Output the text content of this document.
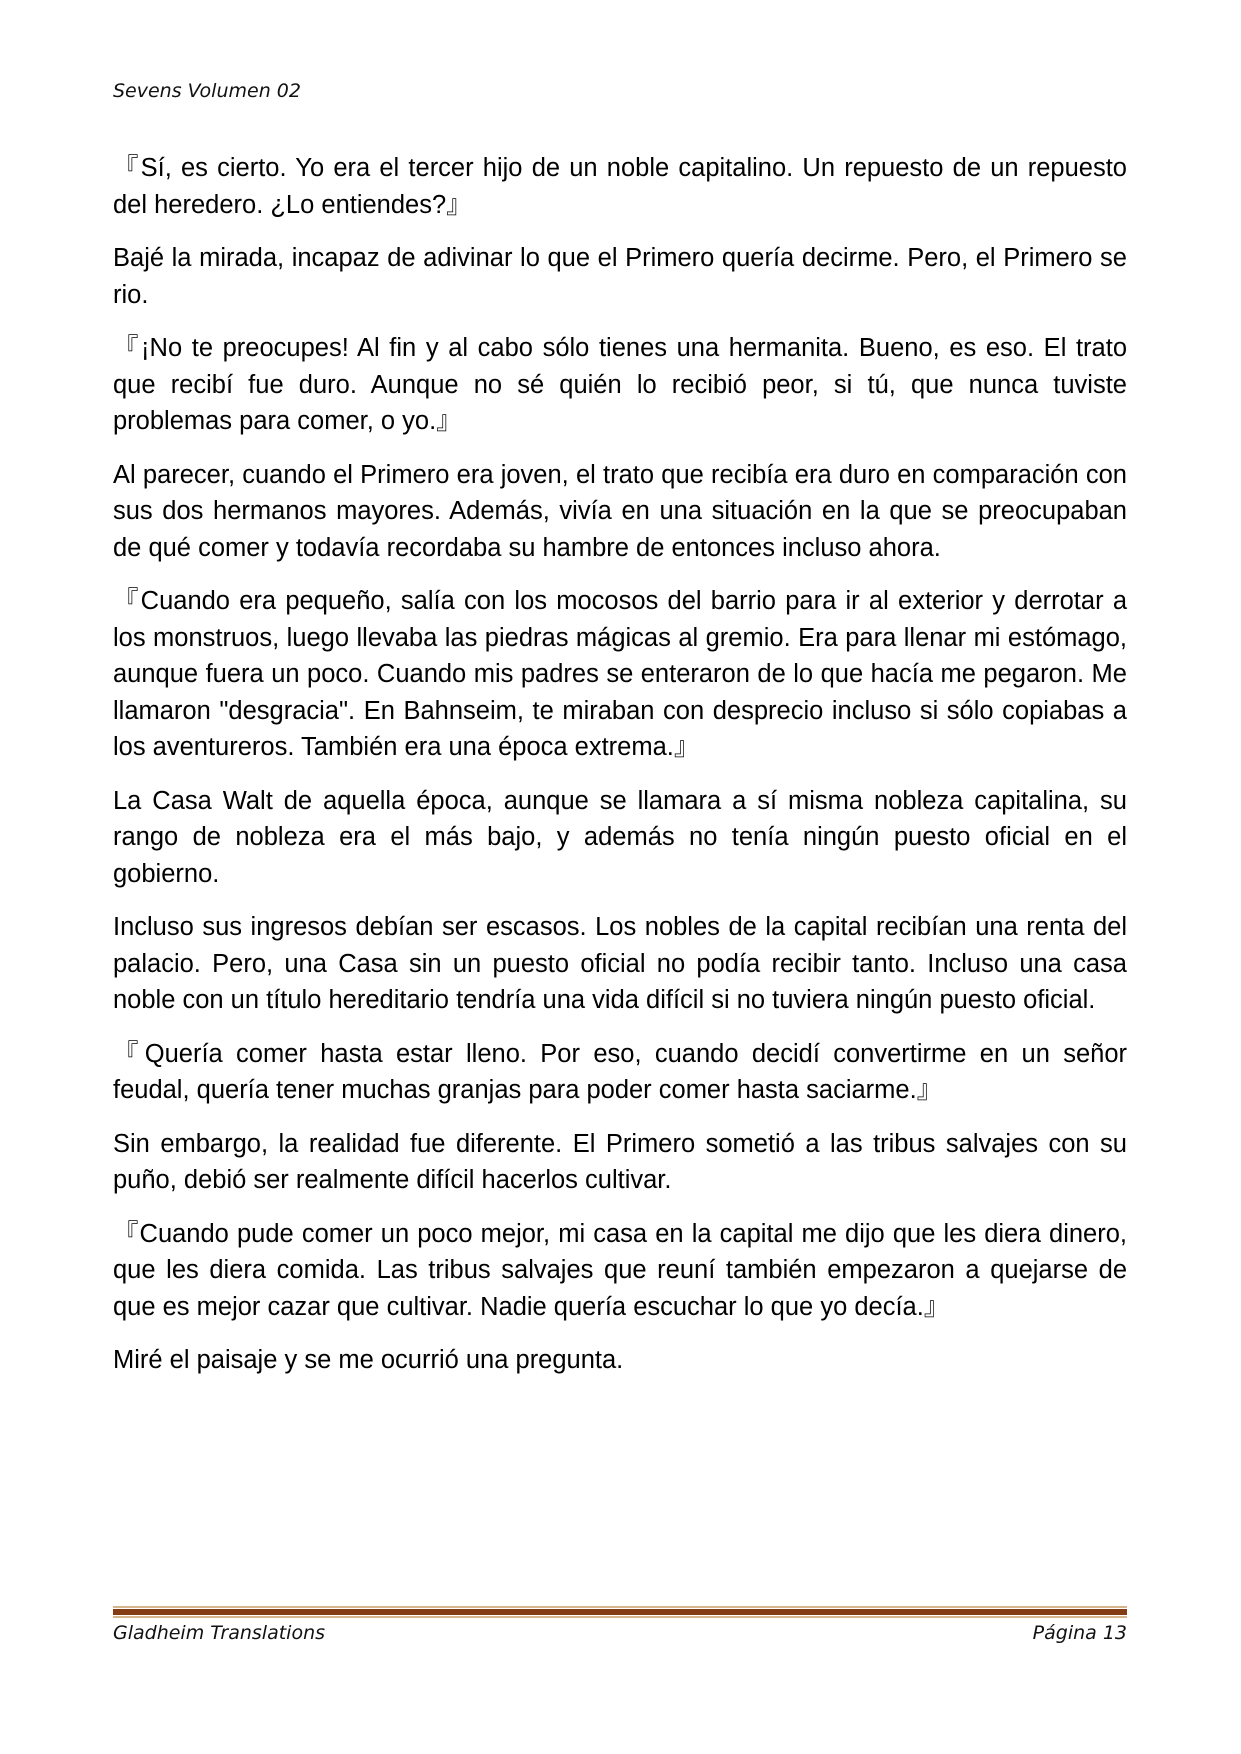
Sevens Volumen 02

『Sí, es cierto. Yo era el tercer hijo de un noble capitalino. Un repuesto de un repuesto del heredero. ¿Lo entiendes?』

Bajé la mirada, incapaz de adivinar lo que el Primero quería decirme. Pero, el Primero se rio.

『¡No te preocupes! Al fin y al cabo sólo tienes una hermanita. Bueno, es eso. El trato que recibí fue duro. Aunque no sé quién lo recibió peor, si tú, que nunca tuviste problemas para comer, o yo.』

Al parecer, cuando el Primero era joven, el trato que recibía era duro en comparación con sus dos hermanos mayores. Además, vivía en una situación en la que se preocupaban de qué comer y todavía recordaba su hambre de entonces incluso ahora.

『Cuando era pequeño, salía con los mocosos del barrio para ir al exterior y derrotar a los monstruos, luego llevaba las piedras mágicas al gremio. Era para llenar mi estómago, aunque fuera un poco. Cuando mis padres se enteraron de lo que hacía me pegaron. Me llamaron "desgracia". En Bahnseim, te miraban con desprecio incluso si sólo copiabas a los aventureros. También era una época extrema.』

La Casa Walt de aquella época, aunque se llamara a sí misma nobleza capitalina, su rango de nobleza era el más bajo, y además no tenía ningún puesto oficial en el gobierno.

Incluso sus ingresos debían ser escasos. Los nobles de la capital recibían una renta del palacio. Pero, una Casa sin un puesto oficial no podía recibir tanto. Incluso una casa noble con un título hereditario tendría una vida difícil si no tuviera ningún puesto oficial.

『Quería comer hasta estar lleno. Por eso, cuando decidí convertirme en un señor feudal, quería tener muchas granjas para poder comer hasta saciarme.』

Sin embargo, la realidad fue diferente. El Primero sometió a las tribus salvajes con su puño, debió ser realmente difícil hacerlos cultivar.

『Cuando pude comer un poco mejor, mi casa en la capital me dijo que les diera dinero, que les diera comida. Las tribus salvajes que reuní también empezaron a quejarse de que es mejor cazar que cultivar. Nadie quería escuchar lo que yo decía.』

Miré el paisaje y se me ocurrió una pregunta.

Gladheim Translations	Página 13
